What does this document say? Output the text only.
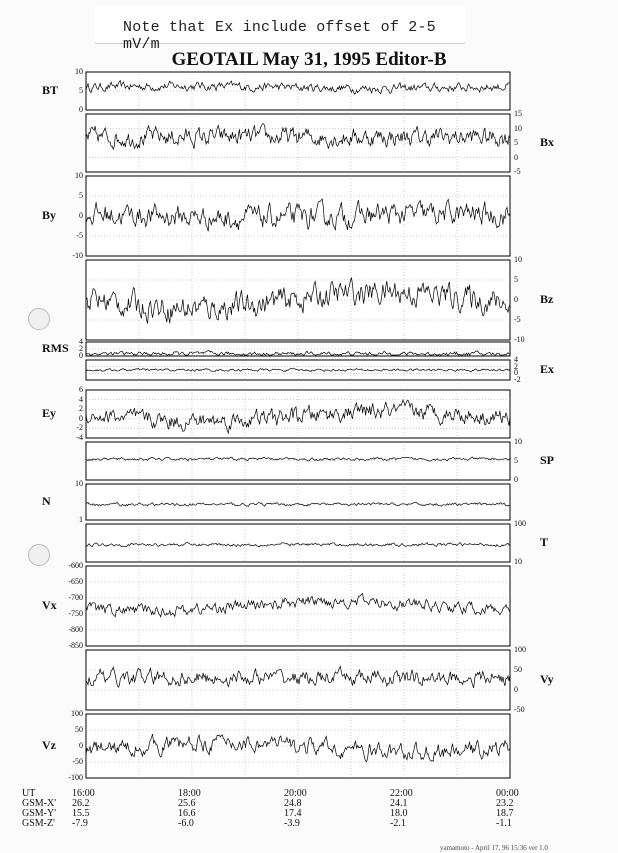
Note that Ex include offset of 2-5 mV/m
GEOTAIL May 31, 1995 Editor-B
10
5
0
BT
15
10
5
0
-5
Bx
10
5
0
-5
-10
By
10
5
0
-5
-10
Bz
4
2
0
RMS
4
2
0
-2
Ex
6
4
2
0
-2
-4
Ey
10
5
0
SP
10
1
N
100
10
T
-600
-650
-700
-750
-800
-850
Vx
100
50
0
-50
Vy
100
50
0
-50
-100
Vz
UT	16:00	18:00	20:00	22:00	00:00
GSM-X' 26.2	25.6	24.8	24.1	23.2
GSM-Y' 15.5	16.6	17.4	18.0	18.7
GSM-Z' -7.9	-6.0	-3.9	-2.1	-1.1
yamamoto - April 17, 96 15:36 ver 1.0
